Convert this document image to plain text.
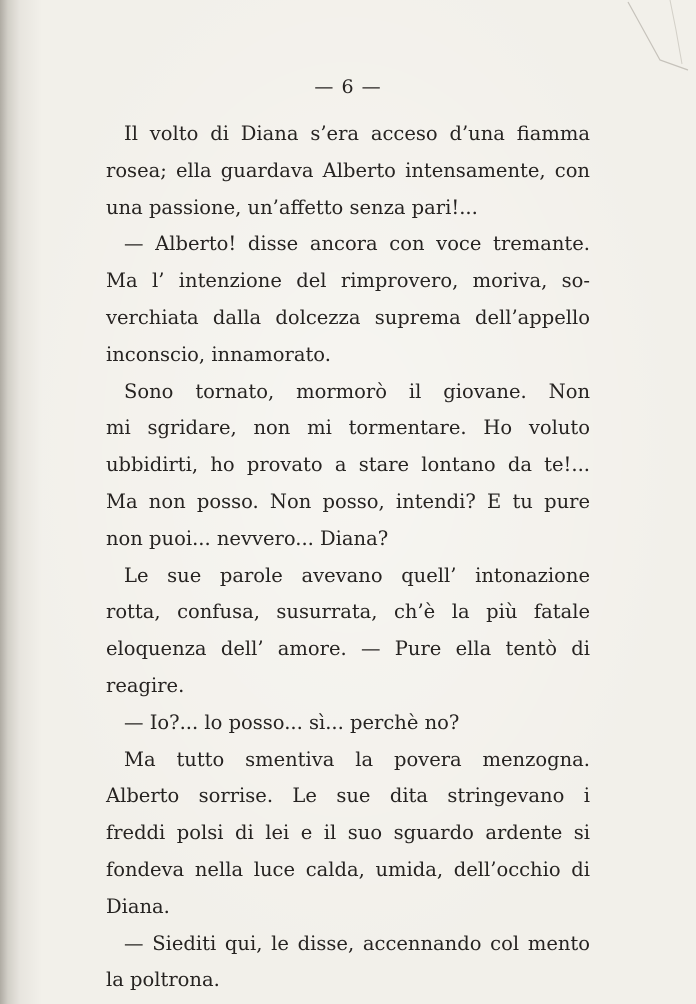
— 6 —
Il volto di Diana s’era acceso d’una fiamma
rosea; ella guardava Alberto intensamente, con
una passione, un’affetto senza pari!...
— Alberto! disse ancora con voce tremante.
Ma l’ intenzione del rimprovero, moriva, so-
verchiata dalla dolcezza suprema dell’appello
inconscio, innamorato.
Sono tornato, mormorò il giovane. Non
mi sgridare, non mi tormentare. Ho voluto
ubbidirti, ho provato a stare lontano da te!...
Ma non posso. Non posso, intendi? E tu pure
non puoi... nevvero... Diana?
Le sue parole avevano quell’ intonazione
rotta, confusa, susurrata, ch’è la più fatale
eloquenza dell’ amore. — Pure ella tentò di
reagire.
— Io?... lo posso... sì... perchè no?
Ma tutto smentiva la povera menzogna.
Alberto sorrise. Le sue dita stringevano i
freddi polsi di lei e il suo sguardo ardente si
fondeva nella luce calda, umida, dell’occhio di
Diana.
— Siediti qui, le disse, accennando col mento
la poltrona.
